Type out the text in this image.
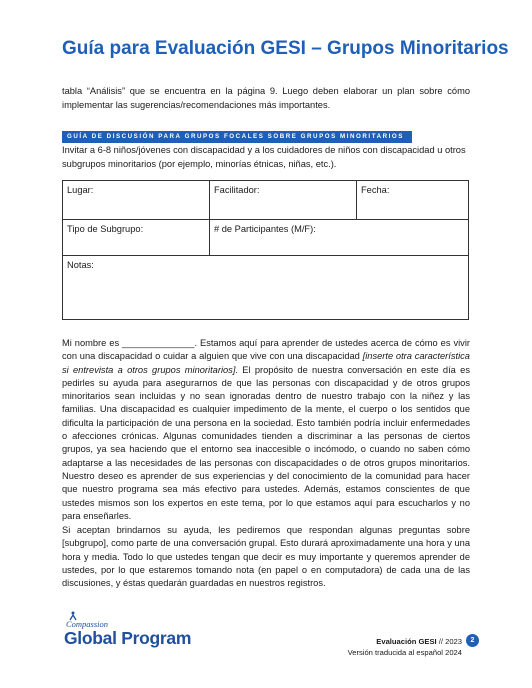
Guía para Evaluación GESI – Grupos Minoritarios
tabla “Análisis” que se encuentra en la página 9. Luego deben elaborar un plan sobre cómo implementar las sugerencias/recomendaciones más importantes.
GUÍA DE DISCUSIÓN PARA GRUPOS FOCALES SOBRE GRUPOS MINORITARIOS
Invitar a 6-8 niños/jóvenes con discapacidad y a los cuidadores de niños con discapacidad u otros subgrupos minoritarios (por ejemplo, minorías étnicas, niñas, etc.).
Lugar:	Facilitador:	Fecha:
Tipo de Subgrupo:	# de Participantes (M/F):	
Notas:		
Mi nombre es ______________. Estamos aquí para aprender de ustedes acerca de cómo es vivir con una discapacidad o cuidar a alguien que vive con una discapacidad [inserte otra característica si entrevista a otros grupos minoritarios]. El propósito de nuestra conversación en este día es pedirles su ayuda para asegurarnos de que las personas con discapacidad y de otros grupos minoritarios sean incluidas y no sean ignoradas dentro de nuestro trabajo con la niñez y las familias. Una discapacidad es cualquier impedimento de la mente, el cuerpo o los sentidos que dificulta la participación de una persona en la sociedad. Esto también podría incluir enfermedades o afecciones crónicas. Algunas comunidades tienden a discriminar a las personas de ciertos grupos, ya sea haciendo que el entorno sea inaccesible o incómodo, o cuando no saben cómo adaptarse a las necesidades de las personas con discapacidades o de otros grupos minoritarios. Nuestro deseo es aprender de sus experiencias y del conocimiento de la comunidad para hacer que nuestro programa sea más efectivo para ustedes. Además, estamos conscientes de que ustedes mismos son los expertos en este tema, por lo que estamos aquí para escucharlos y no para enseñarles.
Si aceptan brindarnos su ayuda, les pediremos que respondan algunas preguntas sobre [subgrupo], como parte de una conversación grupal. Esto durará aproximadamente una hora y una hora y media. Todo lo que ustedes tengan que decir es muy importante y queremos aprender de ustedes, por lo que estaremos tomando nota (en papel o en computadora) de cada una de las discusiones, y éstas quedarán guardadas en nuestros registros.
Compassion
Global Program	Evaluación GESI // 2023
Versión traducida al español 2024
2
